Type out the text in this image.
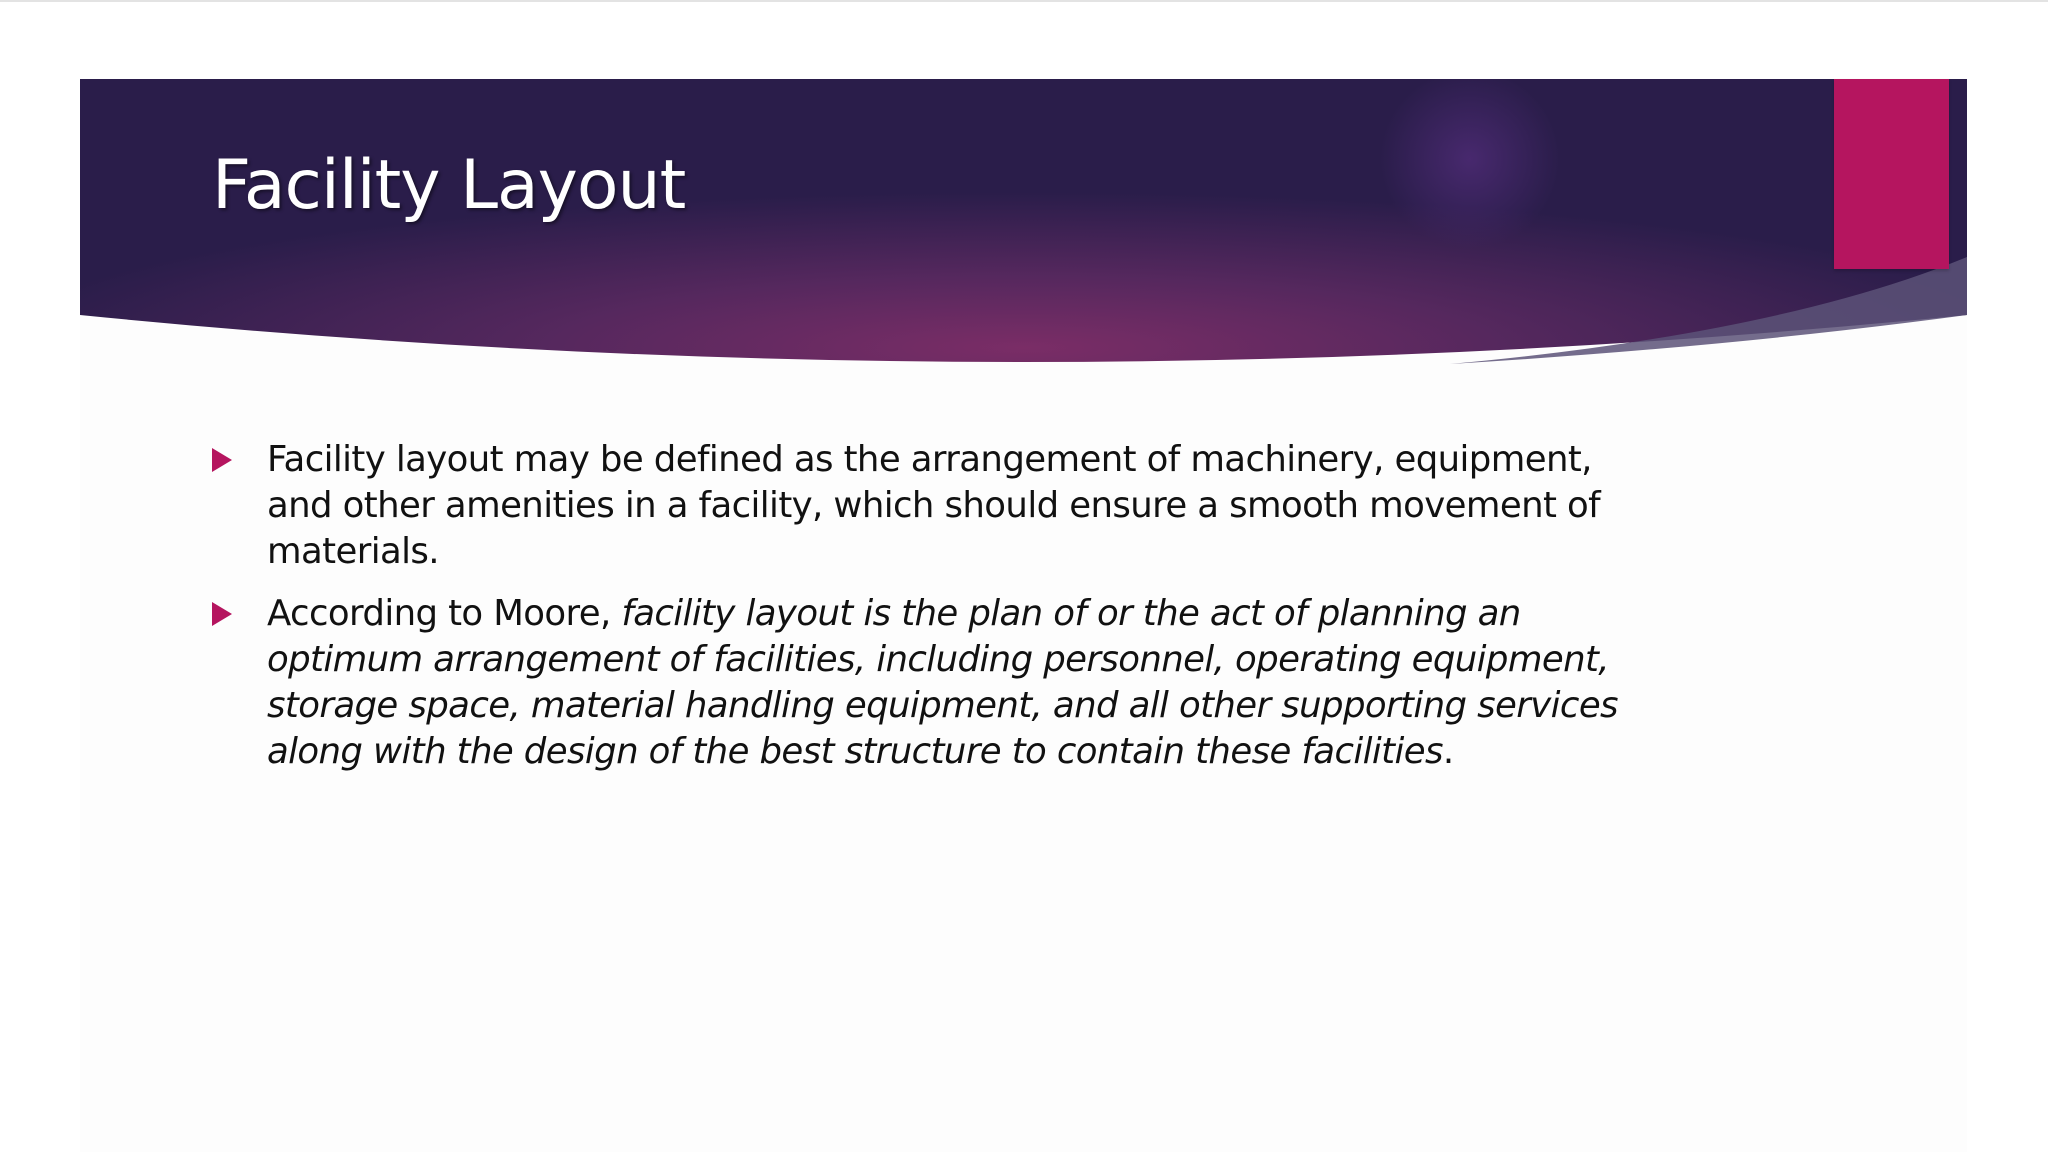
Facility Layout
Facility layout may be defined as the arrangement of machinery, equipment, and other amenities in a facility, which should ensure a smooth movement of materials.
According to Moore, facility layout is the plan of or the act of planning an optimum arrangement of facilities, including personnel, operating equipment, storage space, material handling equipment, and all other supporting services along with the design of the best structure to contain these facilities.
